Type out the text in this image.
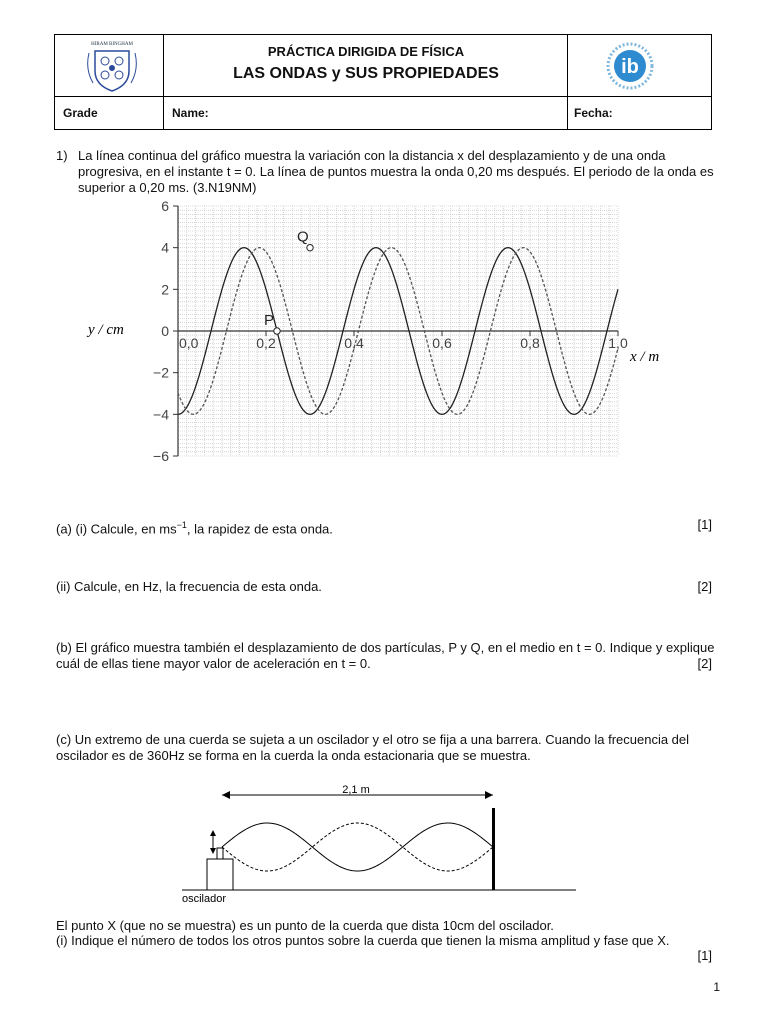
HIRAM BINGHAM	PRÁCTICA DIRIGIDA DE FÍSICA
LAS ONDAS y SUS PROPIEDADES	ib
Grade	Name:	Fecha:
1) La línea continua del gráfico muestra la variación con la distancia x del desplazamiento y de una onda progresiva, en el instante t = 0. La línea de puntos muestra la onda 0,20 ms después. El periodo de la onda es superior a 0,20 ms. (3.N19NM)
6
4
2
0
−2
−4
−6
0,0	0,2	0,4	0,6	0,8	1,0
P
Q
y / cm
x / m
(a) (i) Calcule, en $ms^{-1}$, la rapidez de esta onda.	[1]
(ii) Calcule, en Hz, la frecuencia de esta onda.	[2]
(b) El gráfico muestra también el desplazamiento de dos partículas, P y Q, en el medio en t = 0. Indique y explique cuál de ellas tiene mayor valor de aceleración en t = 0.	[2]
(c) Un extremo de una cuerda se sujeta a un oscilador y el otro se fija a una barrera. Cuando la frecuencia del oscilador es de 360Hz se forma en la cuerda la onda estacionaria que se muestra.
2,1 m
oscilador
El punto X (que no se muestra) es un punto de la cuerda que dista 10cm del oscilador.
(i) Indique el número de todos los otros puntos sobre la cuerda que tienen la misma amplitud y fase que X.
[1]
1
